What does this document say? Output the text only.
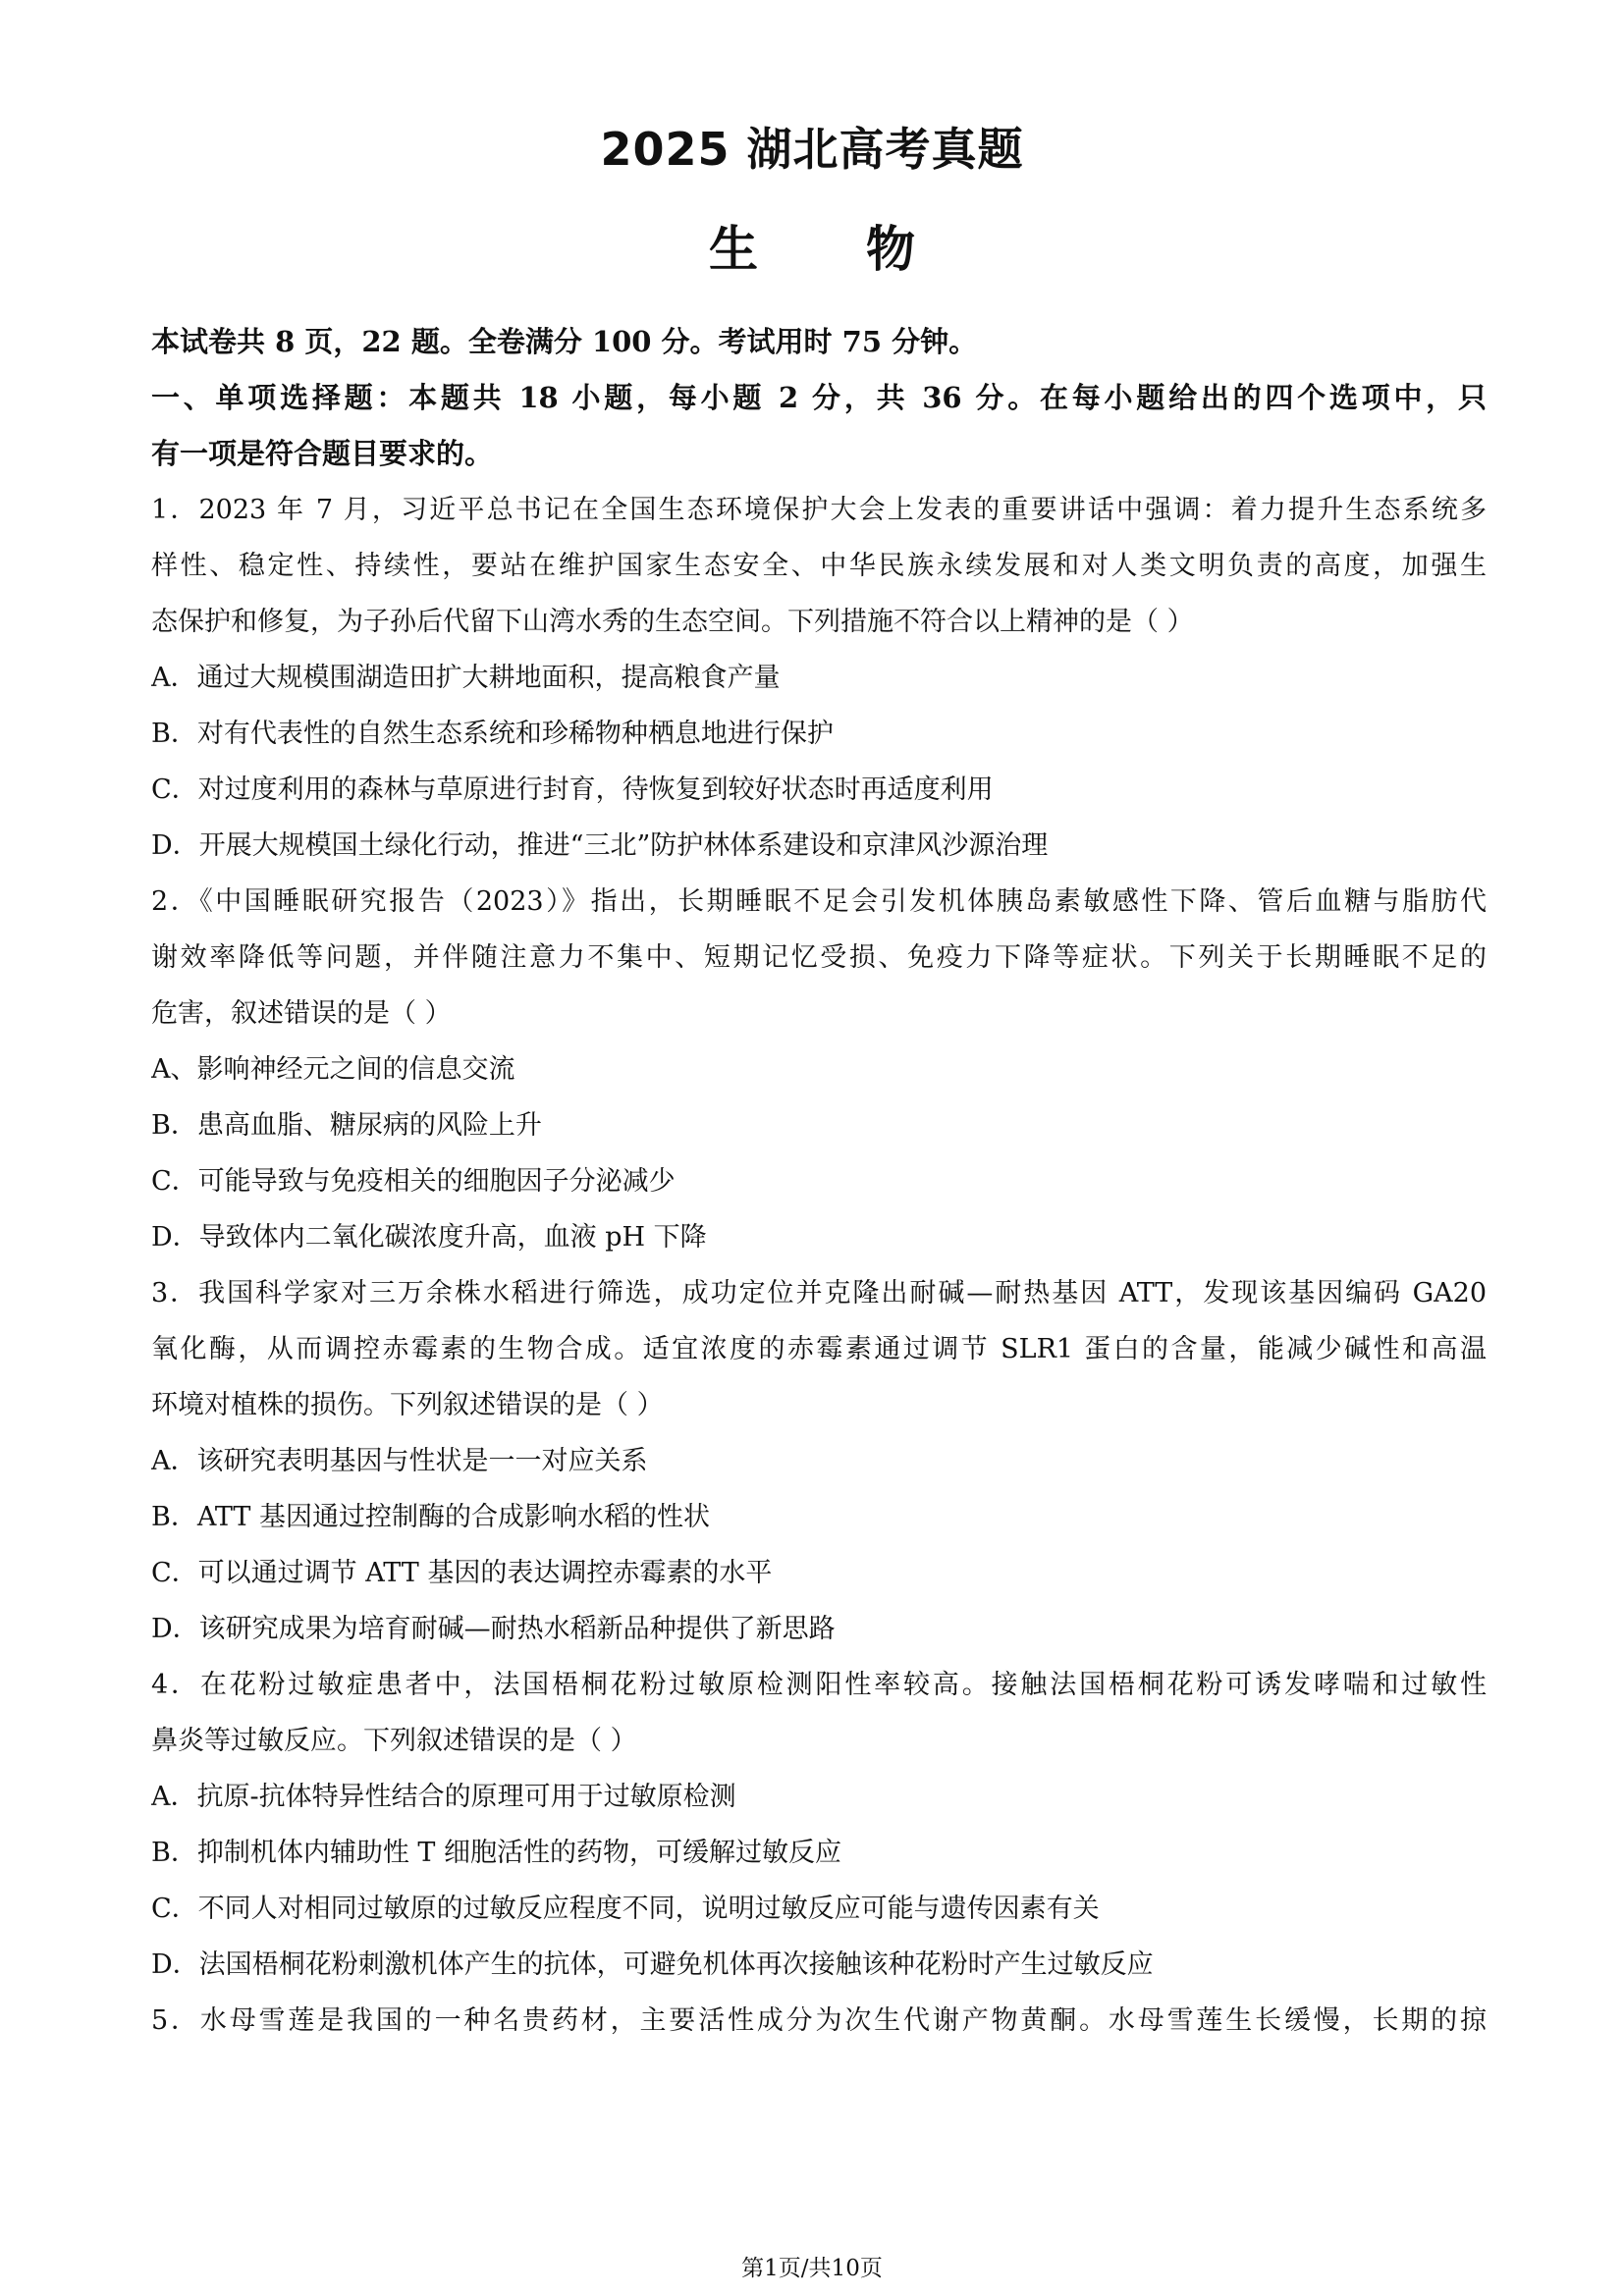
2025 湖北高考真题
生 物
本试卷共 8 页，22 题。全卷满分 100 分。考试用时 75 分钟。
一、单项选择题：本题共 18 小题，每小题 2 分，共 36 分。在每小题给出的四个选项中，只
有一项是符合题目要求的。
1．2023 年 7 月，习近平总书记在全国生态环境保护大会上发表的重要讲话中强调：着力提升生态系统多
样性、稳定性、持续性，要站在维护国家生态安全、中华民族永续发展和对人类文明负责的高度，加强生
态保护和修复，为子孙后代留下山湾水秀的生态空间。下列措施不符合以上精神的是（ ）
A．通过大规模围湖造田扩大耕地面积，提高粮食产量
B．对有代表性的自然生态系统和珍稀物种栖息地进行保护
C．对过度利用的森林与草原进行封育，待恢复到较好状态时再适度利用
D．开展大规模国土绿化行动，推进“三北”防护林体系建设和京津风沙源治理
2．《中国睡眠研究报告（2023）》指出，长期睡眠不足会引发机体胰岛素敏感性下降、管后血糖与脂肪代
谢效率降低等问题，并伴随注意力不集中、短期记忆受损、免疫力下降等症状。下列关于长期睡眠不足的
危害，叙述错误的是（ ）
A、影响神经元之间的信息交流
B．患高血脂、糖尿病的风险上升
C．可能导致与免疫相关的细胞因子分泌减少
D．导致体内二氧化碳浓度升高，血液 pH 下降
3．我国科学家对三万余株水稻进行筛选，成功定位并克隆出耐碱—耐热基因 ATT，发现该基因编码 GA20
氧化酶，从而调控赤霉素的生物合成。适宜浓度的赤霉素通过调节 SLR1 蛋白的含量，能减少碱性和高温
环境对植株的损伤。下列叙述错误的是（ ）
A．该研究表明基因与性状是一一对应关系
B．ATT 基因通过控制酶的合成影响水稻的性状
C．可以通过调节 ATT 基因的表达调控赤霉素的水平
D．该研究成果为培育耐碱—耐热水稻新品种提供了新思路
4．在花粉过敏症患者中，法国梧桐花粉过敏原检测阳性率较高。接触法国梧桐花粉可诱发哮喘和过敏性
鼻炎等过敏反应。下列叙述错误的是（ ）
A．抗原-抗体特异性结合的原理可用于过敏原检测
B．抑制机体内辅助性 T 细胞活性的药物，可缓解过敏反应
C．不同人对相同过敏原的过敏反应程度不同，说明过敏反应可能与遗传因素有关
D．法国梧桐花粉刺激机体产生的抗体，可避免机体再次接触该种花粉时产生过敏反应
5．水母雪莲是我国的一种名贵药材，主要活性成分为次生代谢产物黄酮。水母雪莲生长缓慢，长期的掠
第1页/共10页
